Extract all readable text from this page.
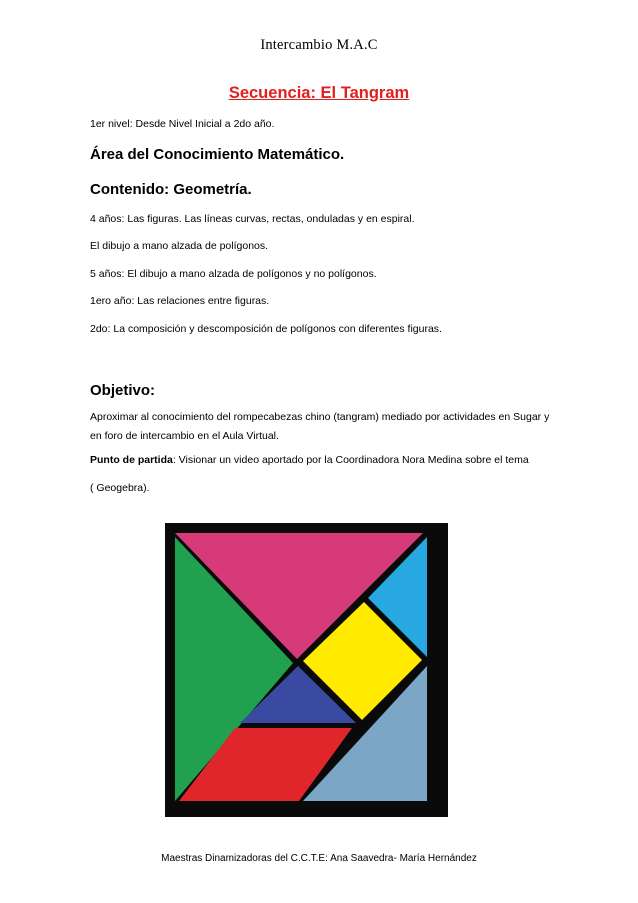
Intercambio M.A.C
Secuencia: El Tangram
1er nivel: Desde Nivel Inicial a 2do año.
Área del Conocimiento Matemático.
Contenido: Geometría.
4 años: Las figuras. Las líneas curvas, rectas, onduladas y en espiral.
El dibujo a mano alzada de polígonos.
5 años: El dibujo a mano alzada de polígonos y no polígonos.
1ero año: Las relaciones entre figuras.
2do: La composición y descomposición de polígonos con diferentes figuras.
Objetivo:
Aproximar al conocimiento del rompecabezas chino (tangram) mediado por actividades en Sugar y en foro de intercambio en el Aula Virtual.
Punto de partida: Visionar un video aportado por la Coordinadora Nora Medina sobre el tema
( Geogebra).
Maestras Dinamizadoras del C.C.T.E: Ana Saavedra- María Hernández
